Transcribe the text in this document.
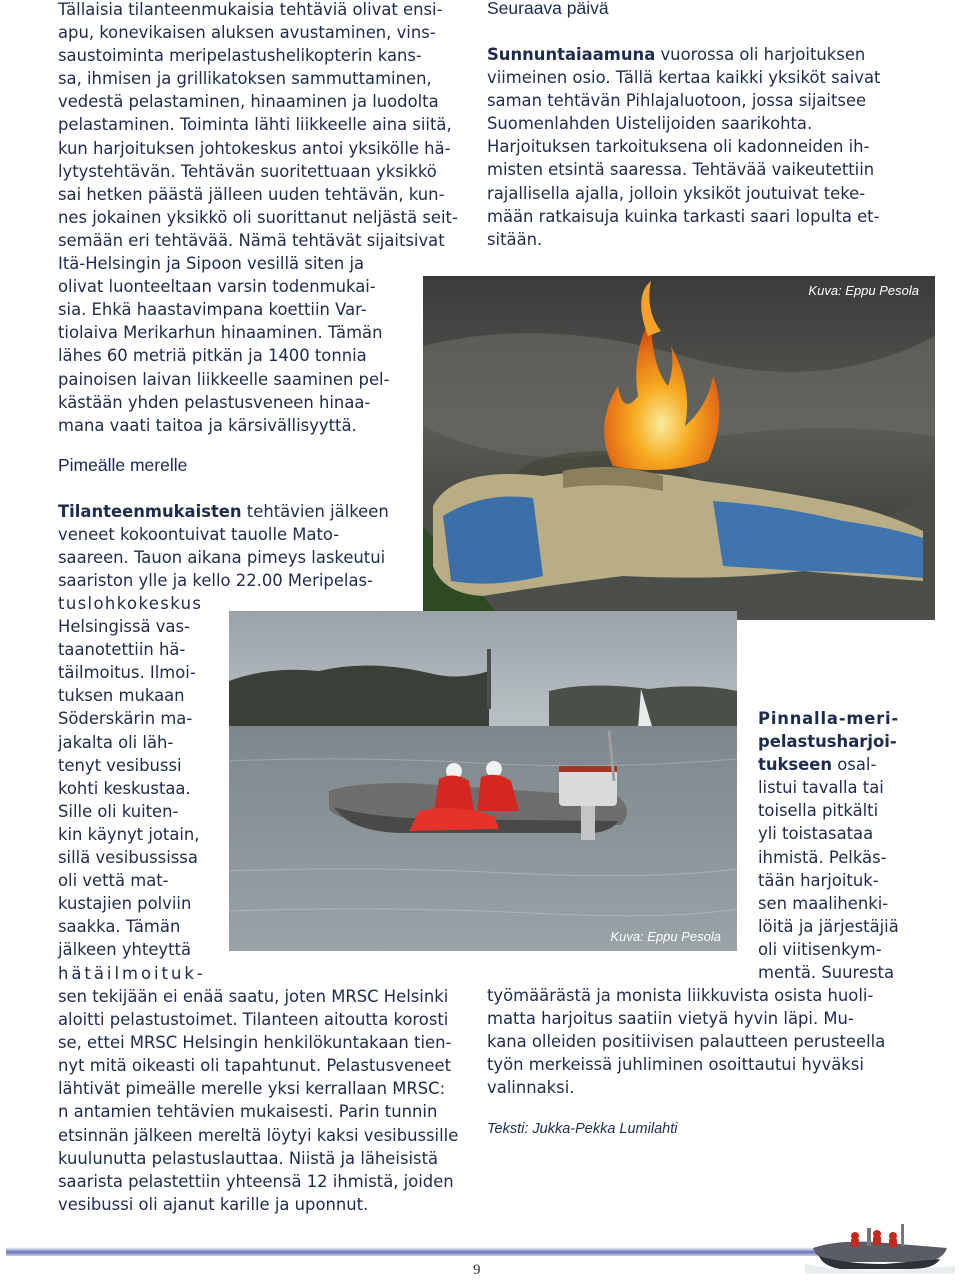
Tällaisia tilanteenmukaisia tehtäviä olivat ensi-

apu, konevikaisen aluksen avustaminen, vins-

saustoiminta meripelastushelikopterin kans-

sa, ihmisen ja grillikatoksen sammuttaminen,

vedestä pelastaminen, hinaaminen ja luodolta

pelastaminen. Toiminta lähti liikkeelle aina siitä,

kun harjoituksen johtokeskus antoi yksikölle hä-

lytystehtävän. Tehtävän suoritettuaan yksikkö

sai hetken päästä jälleen uuden tehtävän, kun-

nes jokainen yksikkö oli suorittanut neljästä seit-

semään eri tehtävää. Nämä tehtävät sijaitsivat

Itä-Helsingin ja Sipoon vesillä siten ja

olivat luonteeltaan varsin todenmukai-

sia. Ehkä haastavimpana koettiin Var-

tiolaiva Merikarhun hinaaminen. Tämän

lähes 60 metriä pitkän ja 1400 tonnia

painoisen laivan liikkeelle saaminen pel-

kästään yhden pelastusveneen hinaa-

mana vaati taitoa ja kärsivällisyyttä.

Pimeälle merelle

Tilanteenmukaisten tehtävien jälkeen

veneet kokoontuivat tauolle Mato-

saareen. Tauon aikana pimeys laskeutui

saariston ylle ja kello 22.00 Meripelas-

tuslohkokeskus

Helsingissä vas-

taanotettiin hä-

täilmoitus. Ilmoi-

tuksen mukaan

Söderskärin ma-

jakalta oli läh-

tenyt vesibussi

kohti keskustaa.

Sille oli kuiten-

kin käynyt jotain,

sillä vesibussissa

oli vettä mat-

kustajien polviin

saakka. Tämän

jälkeen yhteyttä

hätäilmoituk-

sen tekijään ei enää saatu, joten MRSC Helsinki

aloitti pelastustoimet. Tilanteen aitoutta korosti

se, ettei MRSC Helsingin henkilökuntakaan tien-

nyt mitä oikeasti oli tapahtunut. Pelastusveneet

lähtivät pimeälle merelle yksi kerrallaan MRSC:

n antamien tehtävien mukaisesti. Parin tunnin

etsinnän jälkeen mereltä löytyi kaksi vesibussille

kuulunutta pelastuslauttaa. Niistä ja läheisistä

saarista pelastettiin yhteensä 12 ihmistä, joiden

vesibussi oli ajanut karille ja uponnut.

Seuraava päivä

Sunnuntaiaamuna vuorossa oli harjoituksen

viimeinen osio. Tällä kertaa kaikki yksiköt saivat

saman tehtävän Pihlajaluotoon, jossa sijaitsee

Suomenlahden Uistelijoiden saarikohta.

Harjoituksen tarkoituksena oli kadonneiden ih-

misten etsintä saaressa. Tehtävää vaikeutettiin

rajallisella ajalla, jolloin yksiköt joutuivat teke-

mään ratkaisuja kuinka tarkasti saari lopulta et-

sitään.

Kuva: Eppu Pesola
Kuva: Eppu Pesola

Pinnalla-meri-

pelastusharjoi-

tukseen osal-

listui tavalla tai

toisella pitkälti

yli toistasataa

ihmistä. Pelkäs-

tään harjoituk-

sen maalihenki-

löitä ja järjestäjiä

oli viitisenkym-

mentä. Suuresta

työmäärästä ja monista liikkuvista osista huoli-

matta harjoitus saatiin vietyä hyvin läpi. Mu-

kana olleiden positiivisen palautteen perusteella

työn merkeissä juhliminen osoittautui hyväksi

valinnaksi.

Teksti: Jukka-Pekka Lumilahti
9
